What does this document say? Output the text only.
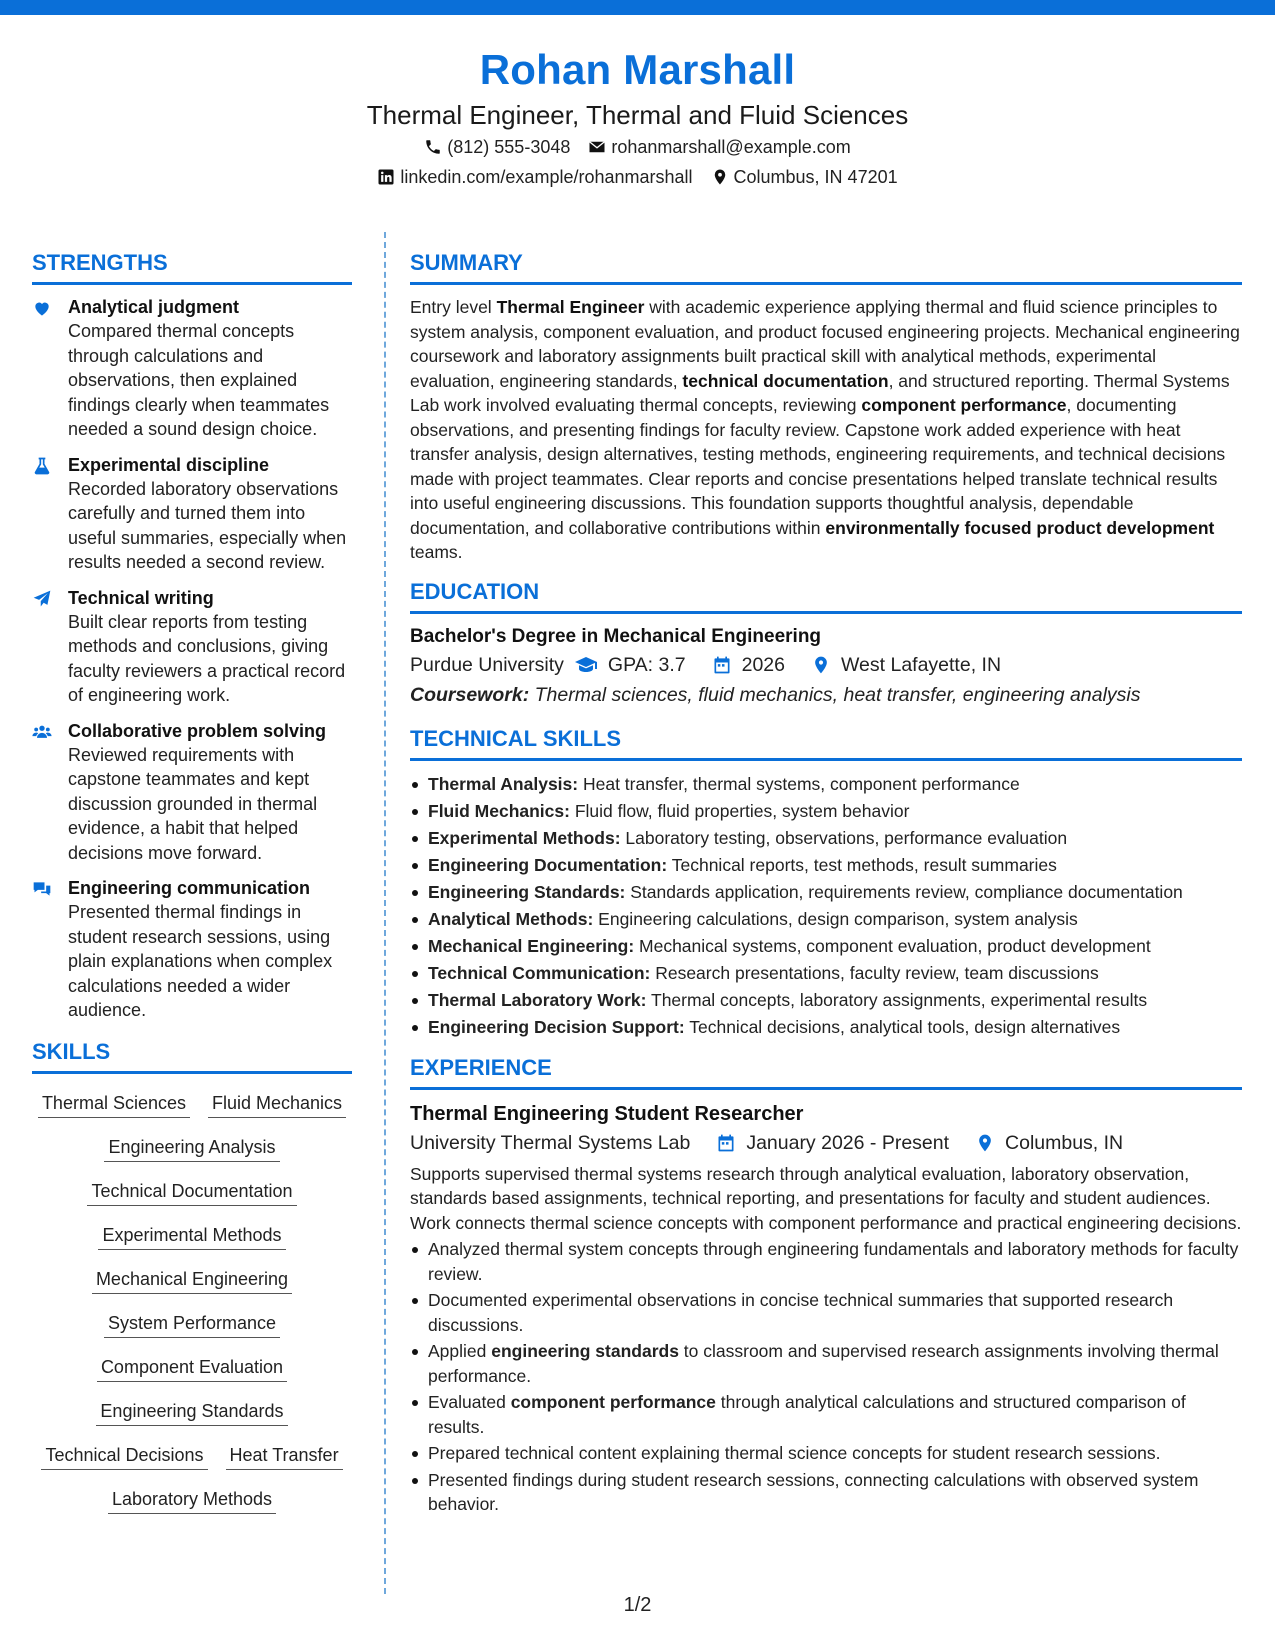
Rohan Marshall
Thermal Engineer, Thermal and Fluid Sciences
(812) 555-3048 rohanmarshall@example.com
linkedin.com/example/rohanmarshall Columbus, IN 47201
STRENGTHS
Analytical judgment
Compared thermal concepts through calculations and observations, then explained findings clearly when teammates needed a sound design choice.
Experimental discipline
Recorded laboratory observations carefully and turned them into useful summaries, especially when results needed a second review.
Technical writing
Built clear reports from testing methods and conclusions, giving faculty reviewers a practical record of engineering work.
Collaborative problem solving
Reviewed requirements with capstone teammates and kept discussion grounded in thermal evidence, a habit that helped decisions move forward.
Engineering communication
Presented thermal findings in student research sessions, using plain explanations when complex calculations needed a wider audience.
SKILLS
Thermal Sciences Fluid Mechanics
Engineering Analysis
Technical Documentation
Experimental Methods
Mechanical Engineering
System Performance
Component Evaluation
Engineering Standards
Technical Decisions Heat Transfer
Laboratory Methods
SUMMARY

Entry level Thermal Engineer with academic experience applying thermal and fluid science principles to system analysis, component evaluation, and product focused engineering projects. Mechanical engineering coursework and laboratory assignments built practical skill with analytical methods, experimental evaluation, engineering standards, technical documentation, and structured reporting. Thermal Systems Lab work involved evaluating thermal concepts, reviewing component performance, documenting observations, and presenting findings for faculty review. Capstone work added experience with heat transfer analysis, design alternatives, testing methods, engineering requirements, and technical decisions made with project teammates. Clear reports and concise presentations helped translate technical results into useful engineering discussions. This foundation supports thoughtful analysis, dependable documentation, and collaborative contributions within environmentally focused product development teams.

EDUCATION
Bachelor's Degree in Mechanical Engineering
Purdue University GPA: 3.7	2026	West Lafayette, IN
Coursework: Thermal sciences, fluid mechanics, heat transfer, engineering analysis
TECHNICAL SKILLS
Thermal Analysis: Heat transfer, thermal systems, component performance
Fluid Mechanics: Fluid flow, fluid properties, system behavior
Experimental Methods: Laboratory testing, observations, performance evaluation
Engineering Documentation: Technical reports, test methods, result summaries
Engineering Standards: Standards application, requirements review, compliance documentation
Analytical Methods: Engineering calculations, design comparison, system analysis
Mechanical Engineering: Mechanical systems, component evaluation, product development
Technical Communication: Research presentations, faculty review, team discussions
Thermal Laboratory Work: Thermal concepts, laboratory assignments, experimental results
Engineering Decision Support: Technical decisions, analytical tools, design alternatives
EXPERIENCE
Thermal Engineering Student Researcher
University Thermal Systems Lab	January 2026 - Present	Columbus, IN

Supports supervised thermal systems research through analytical evaluation, laboratory observation, standards based assignments, technical reporting, and presentations for faculty and student audiences. Work connects thermal science concepts with component performance and practical engineering decisions.

Analyzed thermal system concepts through engineering fundamentals and laboratory methods for faculty review.
Documented experimental observations in concise technical summaries that supported research discussions.
Applied engineering standards to classroom and supervised research assignments involving thermal performance.
Evaluated component performance through analytical calculations and structured comparison of results.
Prepared technical content explaining thermal science concepts for student research sessions.
Presented findings during student research sessions, connecting calculations with observed system behavior.
1/2
